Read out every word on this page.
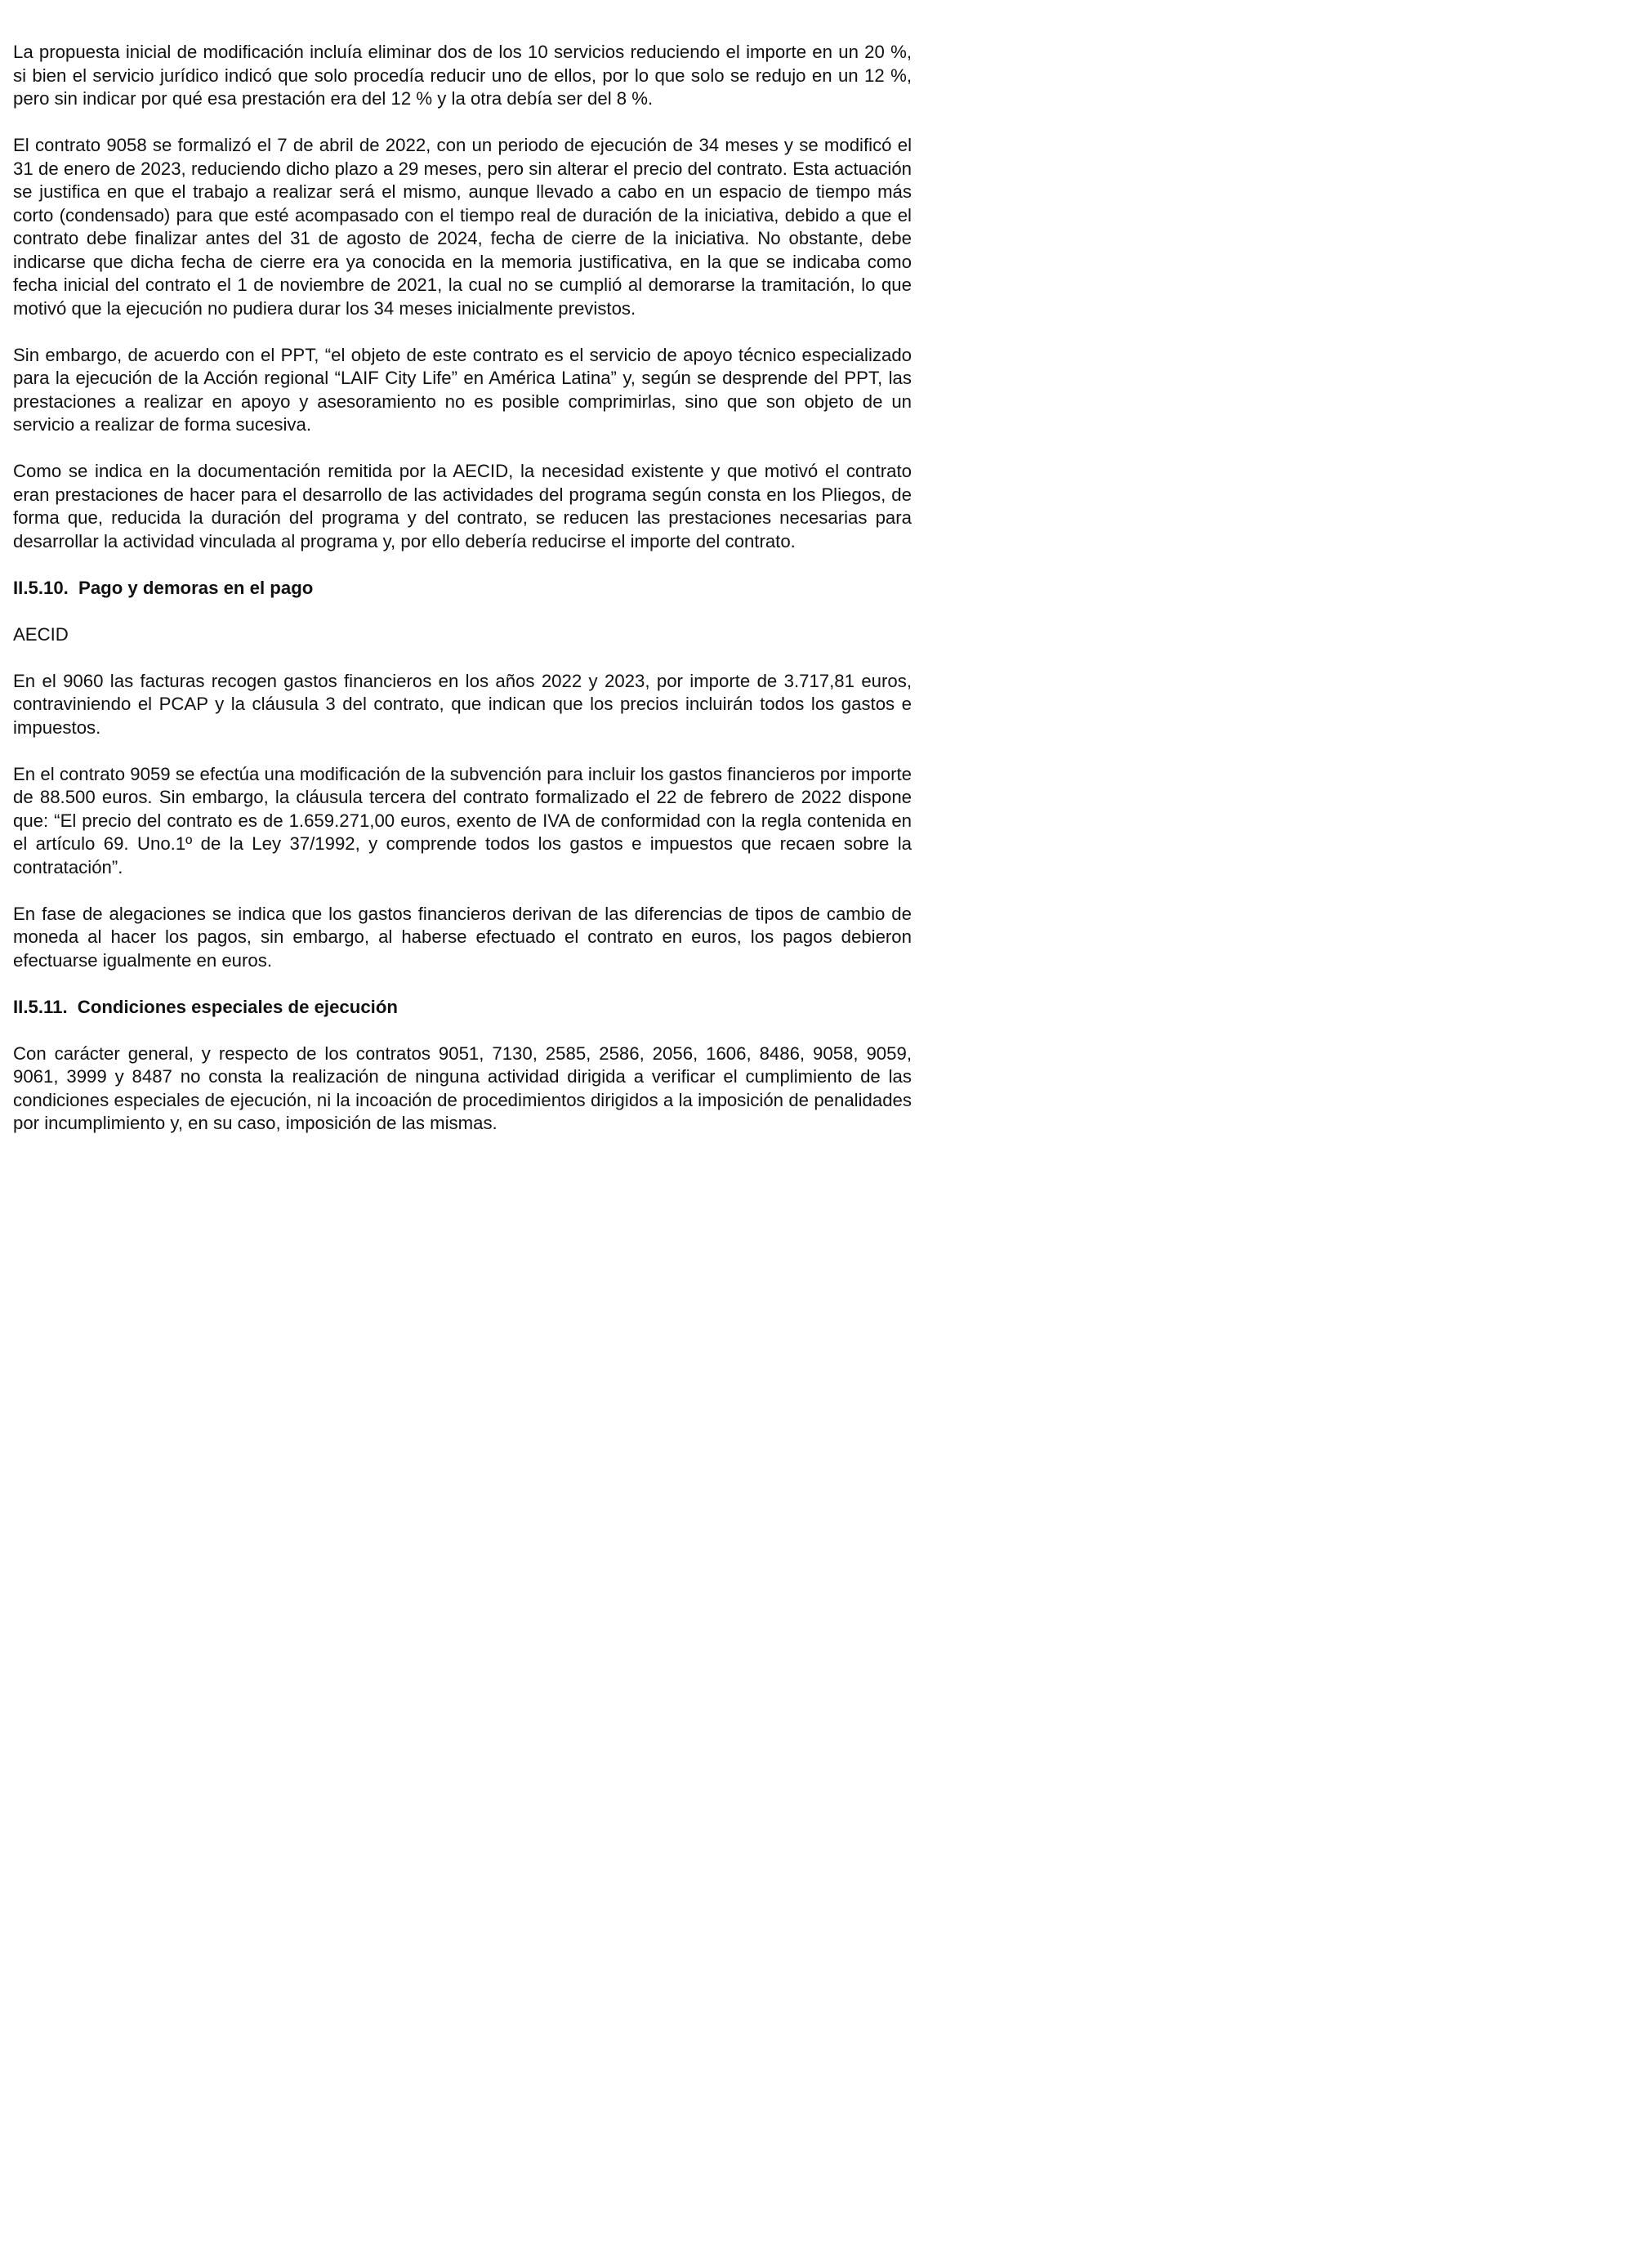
La propuesta inicial de modificación incluía eliminar dos de los 10 servicios reduciendo el importe en un 20 %, si bien el servicio jurídico indicó que solo procedía reducir uno de ellos, por lo que solo se redujo en un 12 %, pero sin indicar por qué esa prestación era del 12 % y la otra debía ser del 8 %.

El contrato 9058 se formalizó el 7 de abril de 2022, con un periodo de ejecución de 34 meses y se modificó el 31 de enero de 2023, reduciendo dicho plazo a 29 meses, pero sin alterar el precio del contrato. Esta actuación se justifica en que el trabajo a realizar será el mismo, aunque llevado a cabo en un espacio de tiempo más corto (condensado) para que esté acompasado con el tiempo real de duración de la iniciativa, debido a que el contrato debe finalizar antes del 31 de agosto de 2024, fecha de cierre de la iniciativa. No obstante, debe indicarse que dicha fecha de cierre era ya conocida en la memoria justificativa, en la que se indicaba como fecha inicial del contrato el 1 de noviembre de 2021, la cual no se cumplió al demorarse la tramitación, lo que motivó que la ejecución no pudiera durar los 34 meses inicialmente previstos.

Sin embargo, de acuerdo con el PPT, “el objeto de este contrato es el servicio de apoyo técnico especializado para la ejecución de la Acción regional “LAIF City Life” en América Latina” y, según se desprende del PPT, las prestaciones a realizar en apoyo y asesoramiento no es posible comprimirlas, sino que son objeto de un servicio a realizar de forma sucesiva.

Como se indica en la documentación remitida por la AECID, la necesidad existente y que motivó el contrato eran prestaciones de hacer para el desarrollo de las actividades del programa según consta en los Pliegos, de forma que, reducida la duración del programa y del contrato, se reducen las prestaciones necesarias para desarrollar la actividad vinculada al programa y, por ello debería reducirse el importe del contrato.

II.5.10. Pago y demoras en el pago

AECID

En el 9060 las facturas recogen gastos financieros en los años 2022 y 2023, por importe de 3.717,81 euros, contraviniendo el PCAP y la cláusula 3 del contrato, que indican que los precios incluirán todos los gastos e impuestos.

En el contrato 9059 se efectúa una modificación de la subvención para incluir los gastos financieros por importe de 88.500 euros. Sin embargo, la cláusula tercera del contrato formalizado el 22 de febrero de 2022 dispone que: “El precio del contrato es de 1.659.271,00 euros, exento de IVA de conformidad con la regla contenida en el artículo 69. Uno.1º de la Ley 37/1992, y comprende todos los gastos e impuestos que recaen sobre la contratación”.

En fase de alegaciones se indica que los gastos financieros derivan de las diferencias de tipos de cambio de moneda al hacer los pagos, sin embargo, al haberse efectuado el contrato en euros, los pagos debieron efectuarse igualmente en euros.

II.5.11. Condiciones especiales de ejecución

Con carácter general, y respecto de los contratos 9051, 7130, 2585, 2586, 2056, 1606, 8486, 9058, 9059, 9061, 3999 y 8487 no consta la realización de ninguna actividad dirigida a verificar el cumplimiento de las condiciones especiales de ejecución, ni la incoación de procedimientos dirigidos a la imposición de penalidades por incumplimiento y, en su caso, imposición de las mismas.
